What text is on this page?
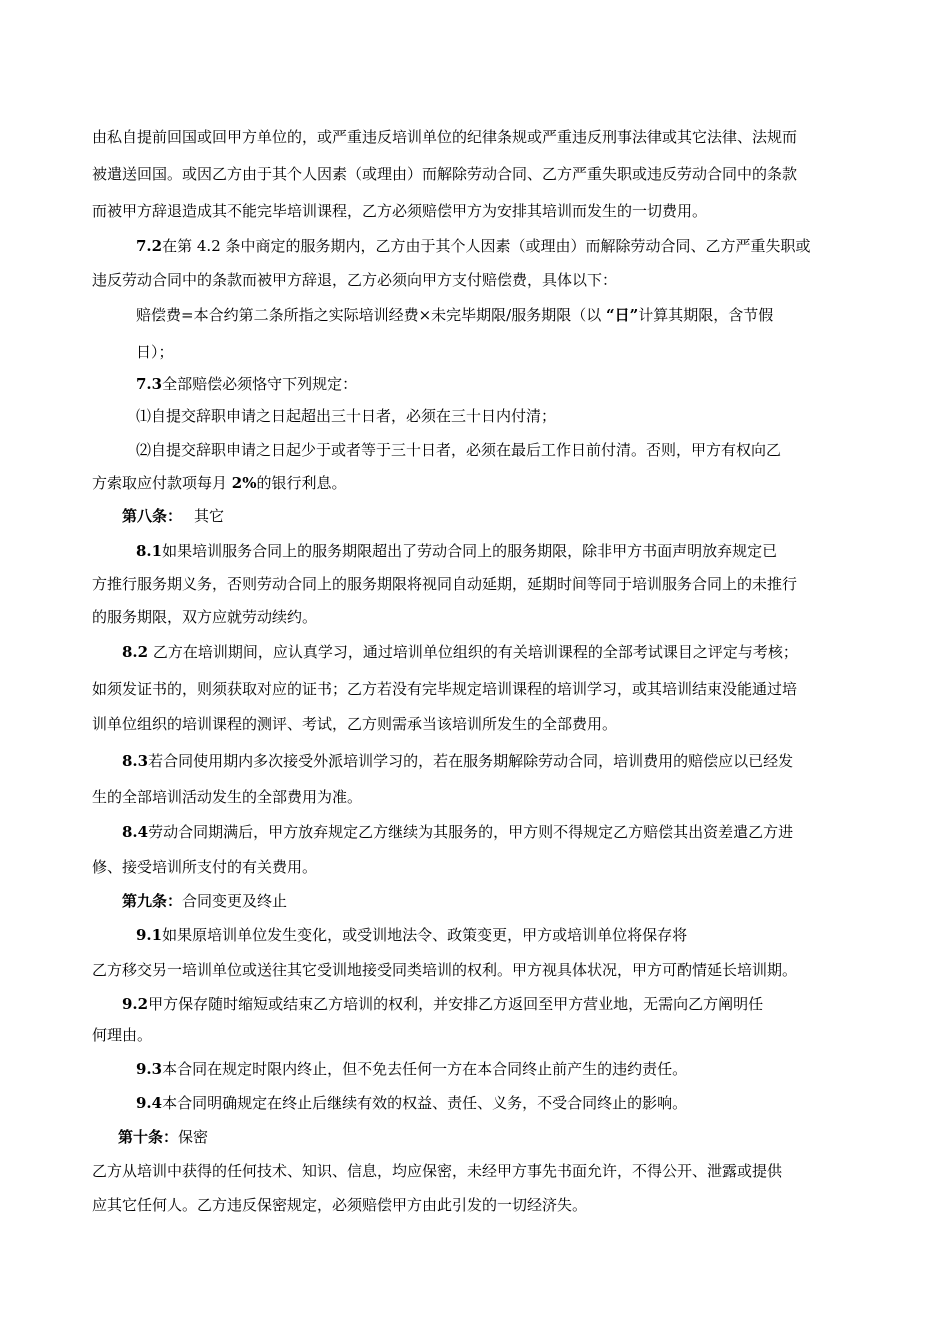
由私自提前回国或回甲方单位的，或严重违反培训单位的纪律条规或严重违反刑事法律或其它法律、法规而
被遣送回国。或因乙方由于其个人因素（或理由）而解除劳动合同、乙方严重失职或违反劳动合同中的条款
而被甲方辞退造成其不能完毕培训课程，乙方必须赔偿甲方为安排其培训而发生的一切费用。
7.2在第 4.2 条中商定的服务期内，乙方由于其个人因素（或理由）而解除劳动合同、乙方严重失职或
违反劳动合同中的条款而被甲方辞退，乙方必须向甲方支付赔偿费，具体以下：
赔偿费=本合约第二条所指之实际培训经费×未完毕期限/服务期限（以 “日”计算其期限，含节假
日）；
7.3全部赔偿必须恪守下列规定：
⑴自提交辞职申请之日起超出三十日者，必须在三十日内付清；
⑵自提交辞职申请之日起少于或者等于三十日者，必须在最后工作日前付清。否则，甲方有权向乙
方索取应付款项每月 2%的银行利息。
第八条： 其它
8.1如果培训服务合同上的服务期限超出了劳动合同上的服务期限，除非甲方书面声明放弃规定已
方推行服务期义务，否则劳动合同上的服务期限将视同自动延期，延期时间等同于培训服务合同上的未推行
的服务期限，双方应就劳动续约。
8.2 乙方在培训期间，应认真学习，通过培训单位组织的有关培训课程的全部考试课目之评定与考核；
如须发证书的，则须获取对应的证书；乙方若没有完毕规定培训课程的培训学习，或其培训结束没能通过培
训单位组织的培训课程的测评、考试，乙方则需承当该培训所发生的全部费用。
8.3若合同使用期内多次接受外派培训学习的，若在服务期解除劳动合同，培训费用的赔偿应以已经发
生的全部培训活动发生的全部费用为准。
8.4劳动合同期满后，甲方放弃规定乙方继续为其服务的，甲方则不得规定乙方赔偿其出资差遣乙方进
修、接受培训所支付的有关费用。
第九条：合同变更及终止
9.1如果原培训单位发生变化，或受训地法令、政策变更，甲方或培训单位将保存将
乙方移交另一培训单位或送往其它受训地接受同类培训的权利。甲方视具体状况，甲方可酌情延长培训期。
9.2甲方保存随时缩短或结束乙方培训的权利，并安排乙方返回至甲方营业地，无需向乙方阐明任
何理由。
9.3本合同在规定时限内终止，但不免去任何一方在本合同终止前产生的违约责任。
9.4本合同明确规定在终止后继续有效的权益、责任、义务，不受合同终止的影响。
第十条：保密
乙方从培训中获得的任何技术、知识、信息，均应保密，未经甲方事先书面允许，不得公开、泄露或提供
应其它任何人。乙方违反保密规定，必须赔偿甲方由此引发的一切经济失。
